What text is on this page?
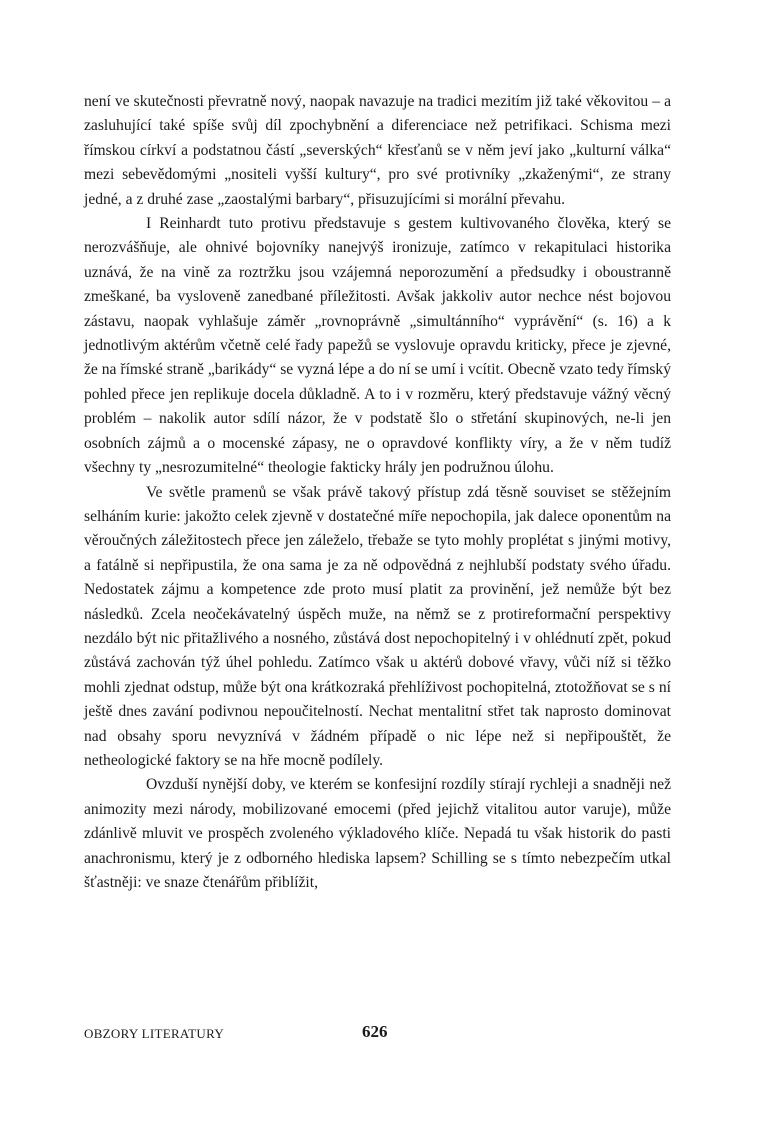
není ve skutečnosti převratně nový, naopak navazuje na tradici mezitím již také věkovitou – a zasluhující také spíše svůj díl zpochybnění a diferenciace než petrifikaci. Schisma mezi římskou církví a podstatnou částí „severských“ křesťanů se v něm jeví jako „kulturní válka“ mezi sebevědomými „nositeli vyšší kultury“, pro své protivníky „zkaženými“, ze strany jedné, a z druhé zase „zaostalými barbary“, přisuzujícími si morální převahu.

I Reinhardt tuto protivu představuje s gestem kultivovaného člověka, který se nerozvášňuje, ale ohnivé bojovníky nanejvýš ironizuje, zatímco v rekapitulaci historika uznává, že na vině za roztržku jsou vzájemná neporozumění a předsudky i oboustranně zmeškané, ba vysloveně zanedbané příležitosti. Avšak jakkoliv autor nechce nést bojovou zástavu, naopak vyhlašuje záměr „rovnoprávně „simultánního“ vyprávění“ (s. 16) a k jednotlivým aktérům včetně celé řady papežů se vyslovuje opravdu kriticky, přece je zjevné, že na římské straně „barikády“ se vyzná lépe a do ní se umí i vcítit. Obecně vzato tedy římský pohled přece jen replikuje docela důkladně. A to i v rozměru, který představuje vážný věcný problém – nakolik autor sdílí názor, že v podstatě šlo o střetání skupinových, ne-li jen osobních zájmů a o mocenské zápasy, ne o opravdové konflikty víry, a že v něm tudíž všechny ty „nesrozumitelné“ theologie fakticky hrály jen podružnou úlohu.

Ve světle pramenů se však právě takový přístup zdá těsně souviset se stěžejním selháním kurie: jakožto celek zjevně v dostatečné míře nepochopila, jak dalece oponentům na věroučných záležitostech přece jen záleželo, třebaže se tyto mohly proplétat s jinými motivy, a fatálně si nepřipustila, že ona sama je za ně odpovědná z nejhlubší podstaty svého úřadu. Nedostatek zájmu a kompetence zde proto musí platit za provinění, jež nemůže být bez následků. Zcela neočekávatelný úspěch muže, na němž se z protireformační perspektivy nezdálo být nic přitažlivého a nosného, zůstává dost nepochopitelný i v ohlédnutí zpět, pokud zůstává zachován týž úhel pohledu. Zatímco však u aktérů dobové vřavy, vůči níž si těžko mohli zjednat odstup, může být ona krátkozraká přehlíživost pochopitelná, ztotožňovat se s ní ještě dnes zavání podivnou nepoučitelností. Nechat mentalitní střet tak naprosto dominovat nad obsahy sporu nevyznívá v žádném případě o nic lépe než si nepřipouštět, že netheologické faktory se na hře mocně podílely.

Ovzduší nynější doby, ve kterém se konfesijní rozdíly stírají rychleji a snadněji než animozity mezi národy, mobilizované emocemi (před jejichž vitalitou autor varuje), může zdánlivě mluvit ve prospěch zvoleného výkladového klíče. Nepadá tu však historik do pasti anachronismu, který je z odborného hlediska lapsem? Schilling se s tímto nebezpečím utkal šťastněji: ve snaze čtenářům přiblížit,

OBZORY LITERATURY	626
